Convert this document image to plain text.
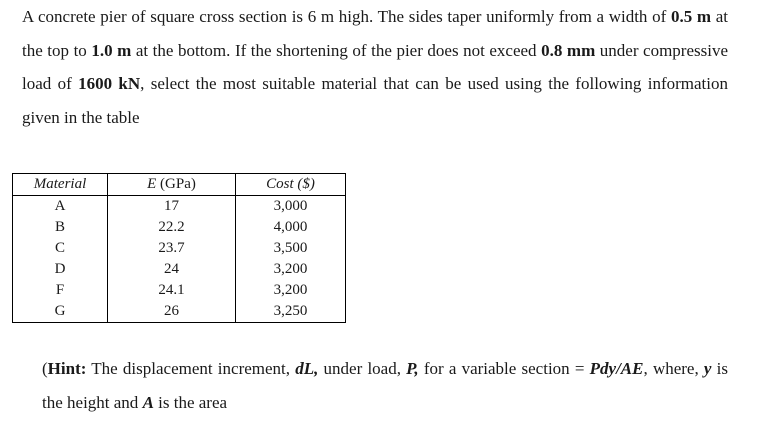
A concrete pier of square cross section is 6 m high. The sides taper uniformly from a width of 0.5 m at the top to 1.0 m at the bottom. If the shortening of the pier does not exceed 0.8 mm under compressive load of 1600 kN, select the most suitable material that can be used using the following information given in the table

Material	E (GPa)	Cost ($)
A	17	3,000
B	22.2	4,000
C	23.7	3,500
D	24	3,200
F	24.1	3,200
G	26	3,250

(Hint: The displacement increment, dL, under load, P, for a variable section = Pdy/AE, where, y is the height and A is the area
